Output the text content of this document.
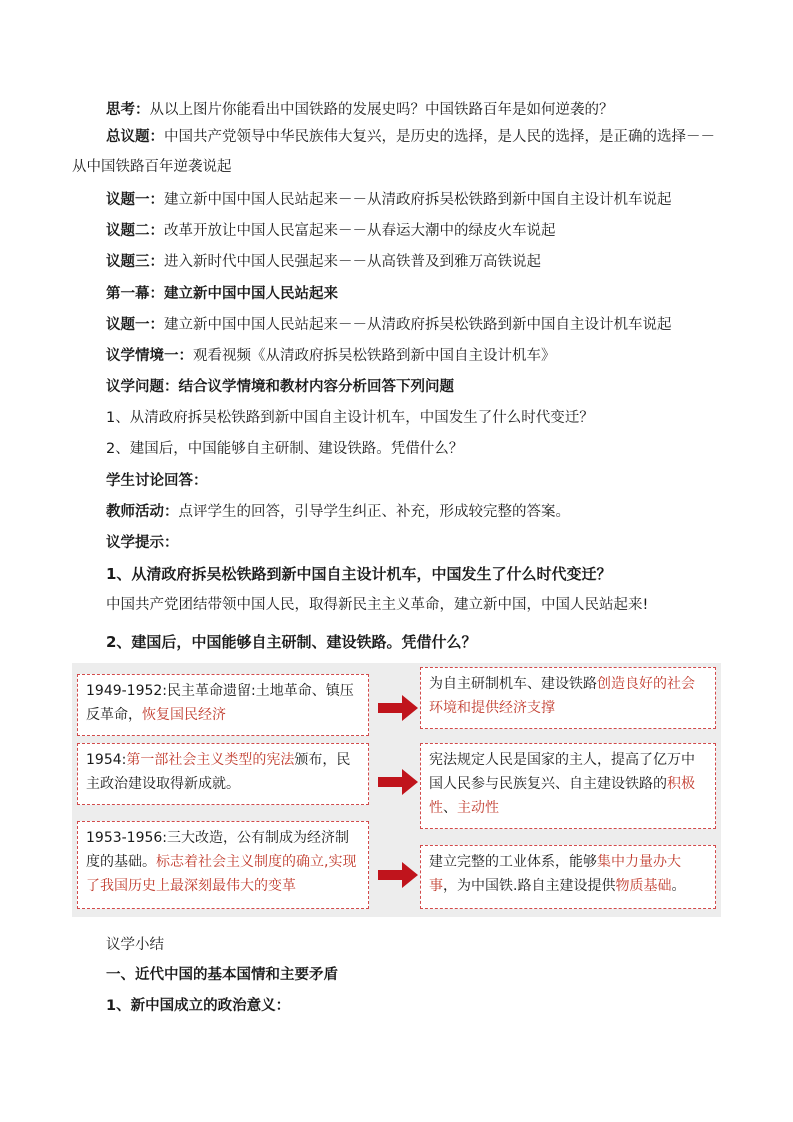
思考：从以上图片你能看出中国铁路的发展史吗？中国铁路百年是如何逆袭的？
总议题：中国共产党领导中华民族伟大复兴，是历史的选择，是人民的选择，是正确的选择－－从中国铁路百年逆袭说起
议题一：建立新中国中国人民站起来－－从清政府拆吴松铁路到新中国自主设计机车说起
议题二：改革开放让中国人民富起来－－从春运大潮中的绿皮火车说起
议题三：进入新时代中国人民强起来－－从高铁普及到雅万高铁说起
第一幕：建立新中国中国人民站起来
议题一：建立新中国中国人民站起来－－从清政府拆吴松铁路到新中国自主设计机车说起
议学情境一：观看视频《从清政府拆吴松铁路到新中国自主设计机车》
议学问题：结合议学情境和教材内容分析回答下列问题
1、从清政府拆吴松铁路到新中国自主设计机车，中国发生了什么时代变迁？
2、建国后，中国能够自主研制、建设铁路。凭借什么？
学生讨论回答：
教师活动：点评学生的回答，引导学生纠正、补充，形成较完整的答案。
议学提示：
1、从清政府拆吴松铁路到新中国自主设计机车，中国发生了什么时代变迁？
中国共产党团结带领中国人民，取得新民主主义革命，建立新中国，中国人民站起来!
2、建国后，中国能够自主研制、建设铁路。凭借什么？
1949-1952:民主革命遗留:土地革命、镇压反革命，恢复国民经济
为自主研制机车、建设铁路创造良好的社会环境和提供经济支撑
1954:第一部社会主义类型的宪法颁布，民主政治建设取得新成就。
宪法规定人民是国家的主人，提高了亿万中国人民参与民族复兴、自主建设铁路的积极性、主动性
1953-1956:三大改造，公有制成为经济制度的基础。标志着社会主义制度的确立,实现了我国历史上最深刻最伟大的变革
建立完整的工业体系，能够集中力量办大事，为中国铁.路自主建设提供物质基础。
议学小结
一、近代中国的基本国情和主要矛盾
1、新中国成立的政治意义：
